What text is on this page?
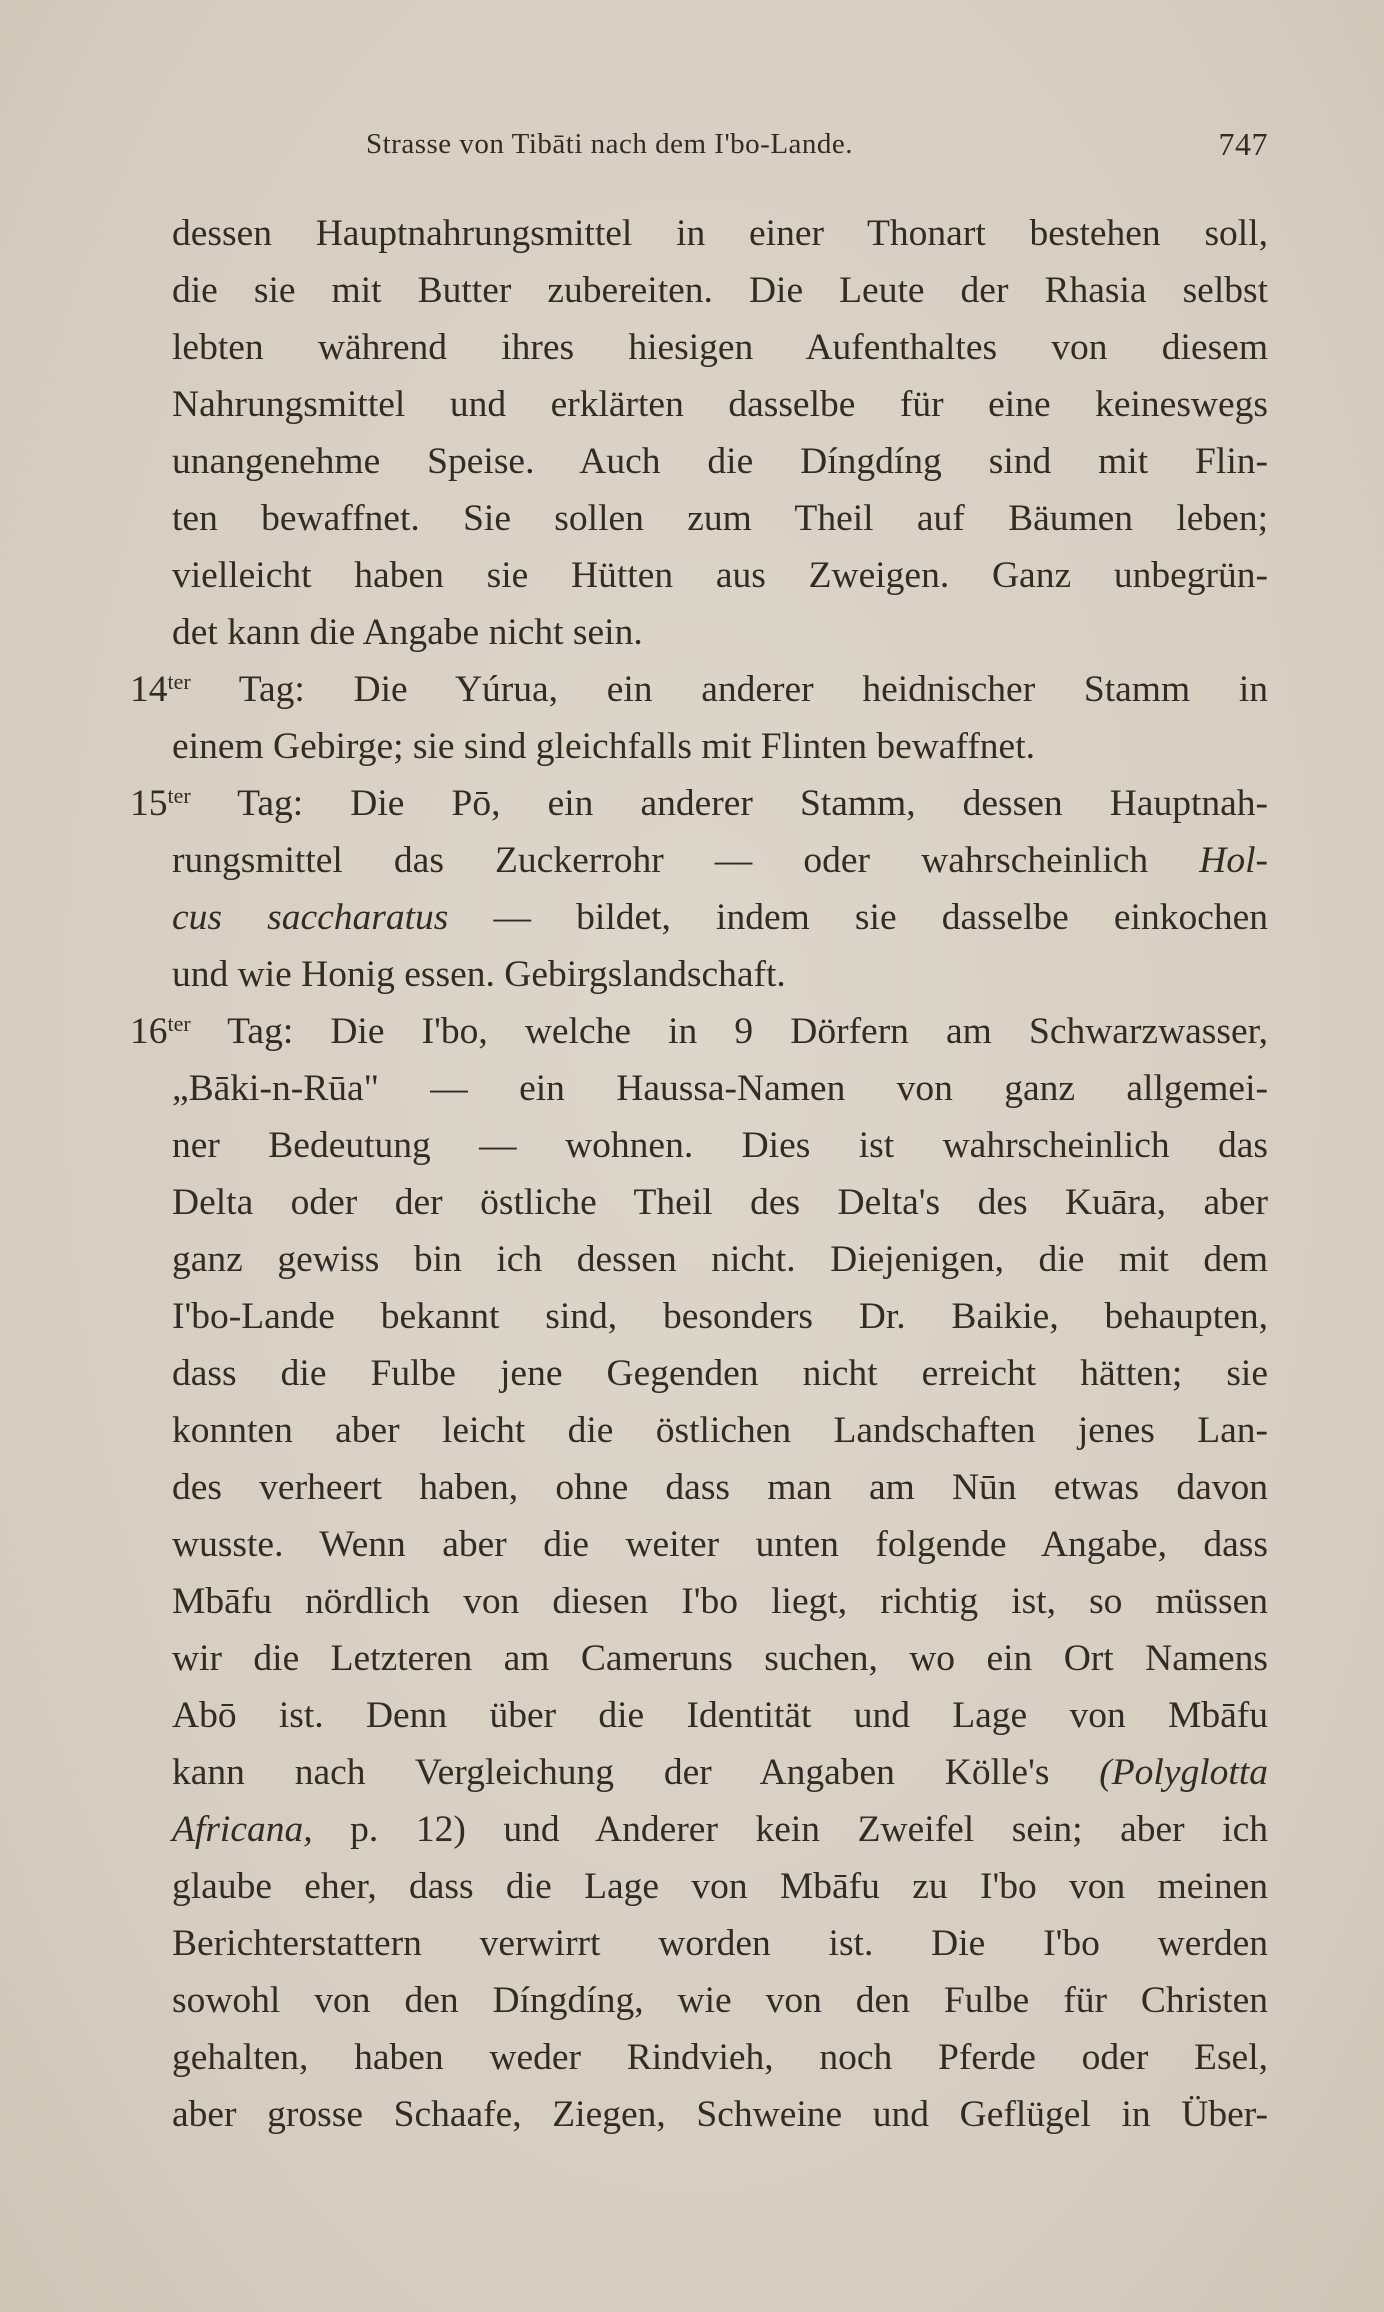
Strasse von Tibāti nach dem I'bo-Lande.	747
dessen Hauptnahrungsmittel in einer Thonart bestehen soll,
die sie mit Butter zubereiten. Die Leute der Rhasia selbst
lebten während ihres hiesigen Aufenthaltes von diesem
Nahrungsmittel und erklärten dasselbe für eine keineswegs
unangenehme Speise. Auch die Díngdíng sind mit Flin-
ten bewaffnet. Sie sollen zum Theil auf Bäumen leben;
vielleicht haben sie Hütten aus Zweigen. Ganz unbegrün-
det kann die Angabe nicht sein.
$14^{ter}$ Tag: Die Yúrua, ein anderer heidnischer Stamm in
einem Gebirge; sie sind gleichfalls mit Flinten bewaffnet.
$15^{ter}$ Tag: Die Pō, ein anderer Stamm, dessen Hauptnah-
rungsmittel das Zuckerrohr — oder wahrscheinlich Hol-
cus saccharatus — bildet, indem sie dasselbe einkochen
und wie Honig essen. Gebirgslandschaft.
$16^{ter}$ Tag: Die I'bo, welche in 9 Dörfern am Schwarzwasser,
„Bāki-n-Rūa" — ein Haussa-Namen von ganz allgemei-
ner Bedeutung — wohnen. Dies ist wahrscheinlich das
Delta oder der östliche Theil des Delta's des Kuāra, aber
ganz gewiss bin ich dessen nicht. Diejenigen, die mit dem
I'bo-Lande bekannt sind, besonders Dr. Baikie, behaupten,
dass die Fulbe jene Gegenden nicht erreicht hätten; sie
konnten aber leicht die östlichen Landschaften jenes Lan-
des verheert haben, ohne dass man am Nūn etwas davon
wusste. Wenn aber die weiter unten folgende Angabe, dass
Mbāfu nördlich von diesen I'bo liegt, richtig ist, so müssen
wir die Letzteren am Cameruns suchen, wo ein Ort Namens
Abō ist. Denn über die Identität und Lage von Mbāfu
kann nach Vergleichung der Angaben Kölle's (Polyglotta
Africana, p. 12) und Anderer kein Zweifel sein; aber ich
glaube eher, dass die Lage von Mbāfu zu I'bo von meinen
Berichterstattern verwirrt worden ist. Die I'bo werden
sowohl von den Díngdíng, wie von den Fulbe für Christen
gehalten, haben weder Rindvieh, noch Pferde oder Esel,
aber grosse Schaafe, Ziegen, Schweine und Geflügel in Über-
